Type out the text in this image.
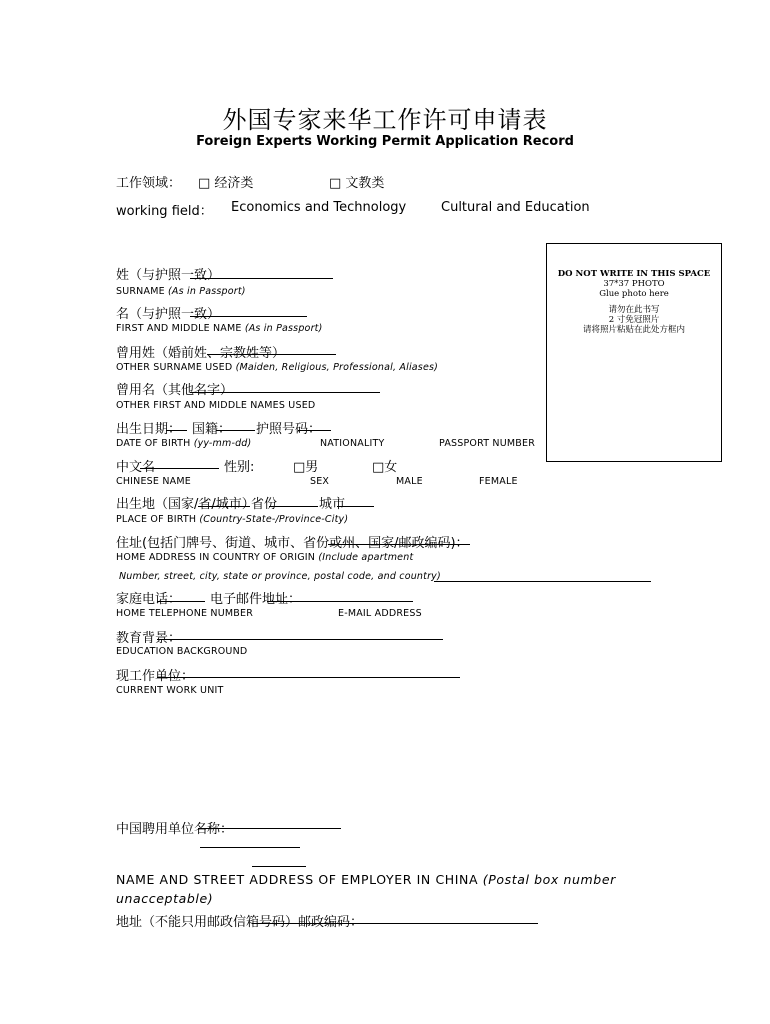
外国专家来华工作许可申请表
Foreign Experts Working Permit Application Record
工作领域： □ 经济类	□ 文教类
working field： Economics and Technology	Cultural and Education
DO NOT WRITE IN THIS SPACE
37*37 PHOTO
Glue photo here
请勿在此书写
2 寸免冠照片
请将照片粘贴在此处方框内
姓（与护照一致）
SURNAME (As in Passport)
名（与护照一致）
FIRST AND MIDDLE NAME (As in Passport)
曾用姓（婚前姓、宗教姓等）
OTHER SURNAME USED (Maiden, Religious, Professional, Aliases)
曾用名（其他名字）
OTHER FIRST AND MIDDLE NAMES USED
出生日期： 国籍： 护照号码：
DATE OF BIRTH (yy-mm-dd)	NATIONALITY	PASSPORT NUMBER
中文名	性别:	□男	□女
CHINESE NAME	SEX	MALE	FEMALE
出生地（国家/省/城市）
省份	城市
PLACE OF BIRTH (Country-State-/Province-City)
住址(包括门牌号、街道、城市、省份或州、国家/邮政编码)：
HOME ADDRESS IN COUNTRY OF ORIGIN (Include apartment
Number, street, city, state or province, postal code, and country)
家庭电话： 电子邮件地址：
HOME TELEPHONE NUMBER	E-MAIL ADDRESS
教育背景：
EDUCATION BACKGROUND
现工作单位：
CURRENT WORK UNIT
中国聘用单位名称：
NAME AND STREET ADDRESS OF EMPLOYER IN CHINA (Postal box number
unacceptable)
地址（不能只用邮政信箱号码）邮政编码：
